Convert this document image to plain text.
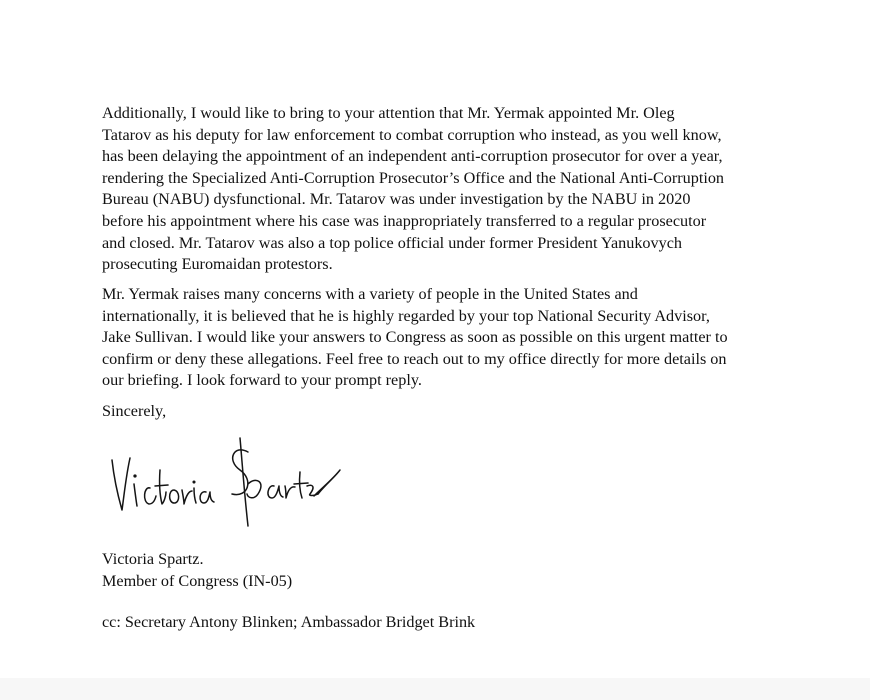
Additionally, I would like to bring to your attention that Mr. Yermak appointed Mr. Oleg
Tatarov as his deputy for law enforcement to combat corruption who instead, as you well know,
has been delaying the appointment of an independent anti-corruption prosecutor for over a year,
rendering the Specialized Anti-Corruption Prosecutor’s Office and the National Anti-Corruption
Bureau (NABU) dysfunctional. Mr. Tatarov was under investigation by the NABU in 2020
before his appointment where his case was inappropriately transferred to a regular prosecutor
and closed. Mr. Tatarov was also a top police official under former President Yanukovych
prosecuting Euromaidan protestors.

Mr. Yermak raises many concerns with a variety of people in the United States and
internationally, it is believed that he is highly regarded by your top National Security Advisor,
Jake Sullivan. I would like your answers to Congress as soon as possible on this urgent matter to
confirm or deny these allegations. Feel free to reach out to my office directly for more details on
our briefing. I look forward to your prompt reply.

Sincerely,

Victoria Spartz.
Member of Congress (IN-05)

cc: Secretary Antony Blinken; Ambassador Bridget Brink
